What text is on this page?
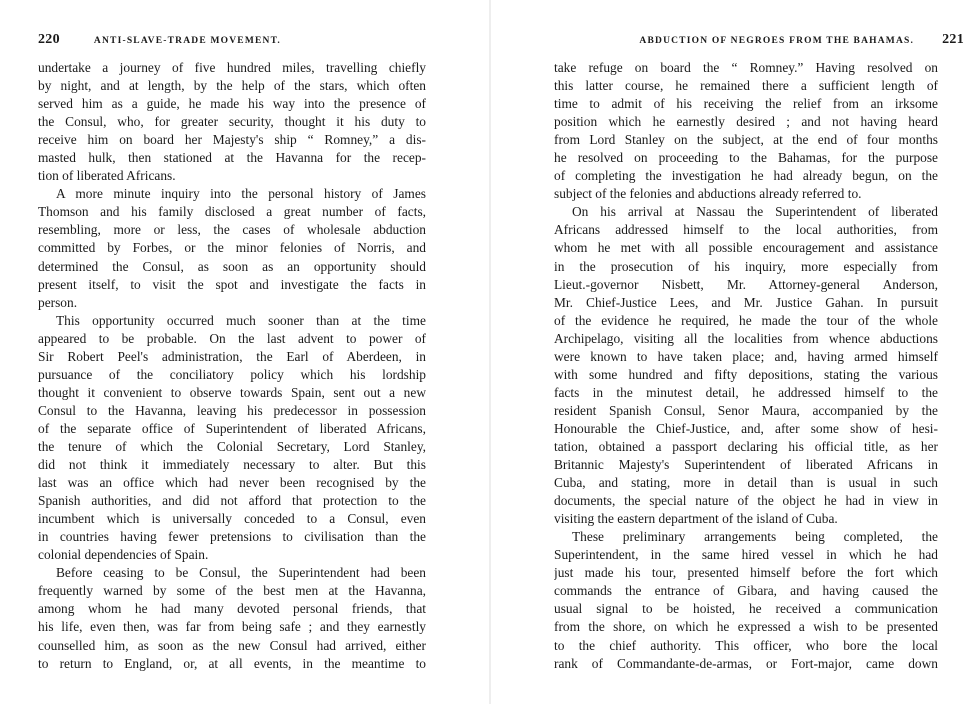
220	ANTI-SLAVE-TRADE MOVEMENT.
undertake a journey of five hundred miles, travelling chiefly
by night, and at length, by the help of the stars, which often
served him as a guide, he made his way into the presence of
the Consul, who, for greater security, thought it his duty to
receive him on board her Majesty's ship “ Romney,” a dis-
masted hulk, then stationed at the Havanna for the recep-
tion of liberated Africans.
A more minute inquiry into the personal history of James
Thomson and his family disclosed a great number of facts,
resembling, more or less, the cases of wholesale abduction
committed by Forbes, or the minor felonies of Norris, and
determined the Consul, as soon as an opportunity should
present itself, to visit the spot and investigate the facts in
person.
This opportunity occurred much sooner than at the time
appeared to be probable. On the last advent to power of
Sir Robert Peel's administration, the Earl of Aberdeen, in
pursuance of the conciliatory policy which his lordship
thought it convenient to observe towards Spain, sent out a new
Consul to the Havanna, leaving his predecessor in possession
of the separate office of Superintendent of liberated Africans,
the tenure of which the Colonial Secretary, Lord Stanley,
did not think it immediately necessary to alter. But this
last was an office which had never been recognised by the
Spanish authorities, and did not afford that protection to the
incumbent which is universally conceded to a Consul, even
in countries having fewer pretensions to civilisation than the
colonial dependencies of Spain.
Before ceasing to be Consul, the Superintendent had been
frequently warned by some of the best men at the Havanna,
among whom he had many devoted personal friends, that
his life, even then, was far from being safe ; and they earnestly
counselled him, as soon as the new Consul had arrived, either
to return to England, or, at all events, in the meantime to
ABDUCTION OF NEGROES FROM THE BAHAMAS. 221
take refuge on board the “ Romney.” Having resolved on
this latter course, he remained there a sufficient length of
time to admit of his receiving the relief from an irksome
position which he earnestly desired ; and not having heard
from Lord Stanley on the subject, at the end of four months
he resolved on proceeding to the Bahamas, for the purpose
of completing the investigation he had already begun, on the
subject of the felonies and abductions already referred to.
On his arrival at Nassau the Superintendent of liberated
Africans addressed himself to the local authorities, from
whom he met with all possible encouragement and assistance
in the prosecution of his inquiry, more especially from
Lieut.-governor Nisbett, Mr. Attorney-general Anderson,
Mr. Chief-Justice Lees, and Mr. Justice Gahan. In pursuit
of the evidence he required, he made the tour of the whole
Archipelago, visiting all the localities from whence abductions
were known to have taken place; and, having armed himself
with some hundred and fifty depositions, stating the various
facts in the minutest detail, he addressed himself to the
resident Spanish Consul, Senor Maura, accompanied by the
Honourable the Chief-Justice, and, after some show of hesi-
tation, obtained a passport declaring his official title, as her
Britannic Majesty's Superintendent of liberated Africans in
Cuba, and stating, more in detail than is usual in such
documents, the special nature of the object he had in view in
visiting the eastern department of the island of Cuba.
These preliminary arrangements being completed, the
Superintendent, in the same hired vessel in which he had
just made his tour, presented himself before the fort which
commands the entrance of Gibara, and having caused the
usual signal to be hoisted, he received a communication
from the shore, on which he expressed a wish to be presented
to the chief authority. This officer, who bore the local
rank of Commandante-de-armas, or Fort-major, came down
